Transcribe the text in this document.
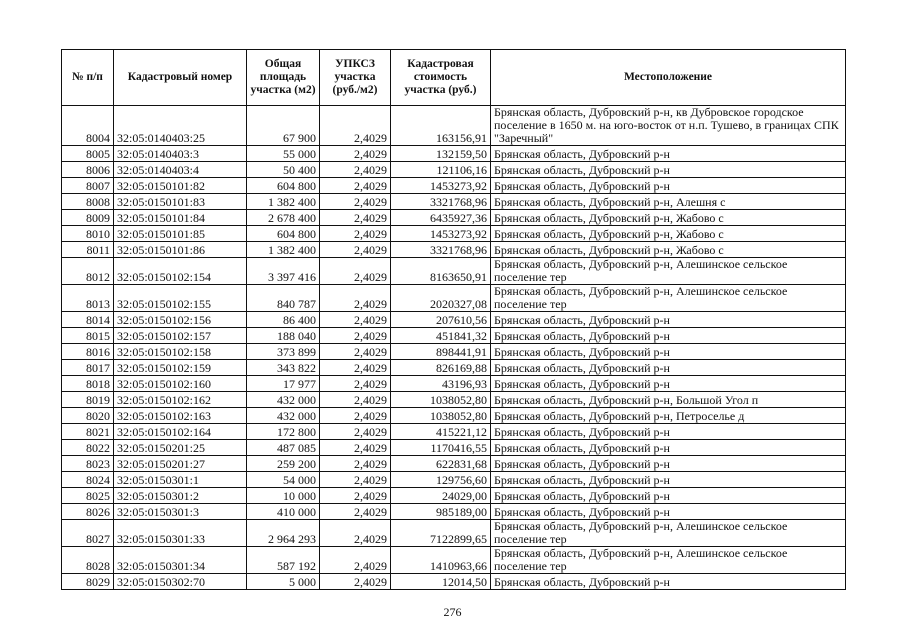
№ п/п	Кадастровый номер	Общая площадь участка (м2)	УПКСЗ участка (руб./м2)	Кадастровая стоимость участка (руб.)	Местоположение
8004	32:05:0140403:25	67 900	2,4029	163156,91	Брянская область, Дубровский р-н, кв Дубровское городское поселение в 1650 м. на юго-восток от н.п. Тушево, в границах СПК "Заречный"
8005	32:05:0140403:3	55 000	2,4029	132159,50	Брянская область, Дубровский р-н
8006	32:05:0140403:4	50 400	2,4029	121106,16	Брянская область, Дубровский р-н
8007	32:05:0150101:82	604 800	2,4029	1453273,92	Брянская область, Дубровский р-н
8008	32:05:0150101:83	1 382 400	2,4029	3321768,96	Брянская область, Дубровский р-н, Алешня с
8009	32:05:0150101:84	2 678 400	2,4029	6435927,36	Брянская область, Дубровский р-н, Жабово с
8010	32:05:0150101:85	604 800	2,4029	1453273,92	Брянская область, Дубровский р-н, Жабово с
8011	32:05:0150101:86	1 382 400	2,4029	3321768,96	Брянская область, Дубровский р-н, Жабово с
8012	32:05:0150102:154	3 397 416	2,4029	8163650,91	Брянская область, Дубровский р-н, Алешинское сельское поселение тер
8013	32:05:0150102:155	840 787	2,4029	2020327,08	Брянская область, Дубровский р-н, Алешинское сельское поселение тер
8014	32:05:0150102:156	86 400	2,4029	207610,56	Брянская область, Дубровский р-н
8015	32:05:0150102:157	188 040	2,4029	451841,32	Брянская область, Дубровский р-н
8016	32:05:0150102:158	373 899	2,4029	898441,91	Брянская область, Дубровский р-н
8017	32:05:0150102:159	343 822	2,4029	826169,88	Брянская область, Дубровский р-н
8018	32:05:0150102:160	17 977	2,4029	43196,93	Брянская область, Дубровский р-н
8019	32:05:0150102:162	432 000	2,4029	1038052,80	Брянская область, Дубровский р-н, Большой Угол п
8020	32:05:0150102:163	432 000	2,4029	1038052,80	Брянская область, Дубровский р-н, Петроселье д
8021	32:05:0150102:164	172 800	2,4029	415221,12	Брянская область, Дубровский р-н
8022	32:05:0150201:25	487 085	2,4029	1170416,55	Брянская область, Дубровский р-н
8023	32:05:0150201:27	259 200	2,4029	622831,68	Брянская область, Дубровский р-н
8024	32:05:0150301:1	54 000	2,4029	129756,60	Брянская область, Дубровский р-н
8025	32:05:0150301:2	10 000	2,4029	24029,00	Брянская область, Дубровский р-н
8026	32:05:0150301:3	410 000	2,4029	985189,00	Брянская область, Дубровский р-н
8027	32:05:0150301:33	2 964 293	2,4029	7122899,65	Брянская область, Дубровский р-н, Алешинское сельское поселение тер
8028	32:05:0150301:34	587 192	2,4029	1410963,66	Брянская область, Дубровский р-н, Алешинское сельское поселение тер
8029	32:05:0150302:70	5 000	2,4029	12014,50	Брянская область, Дубровский р-н
276
